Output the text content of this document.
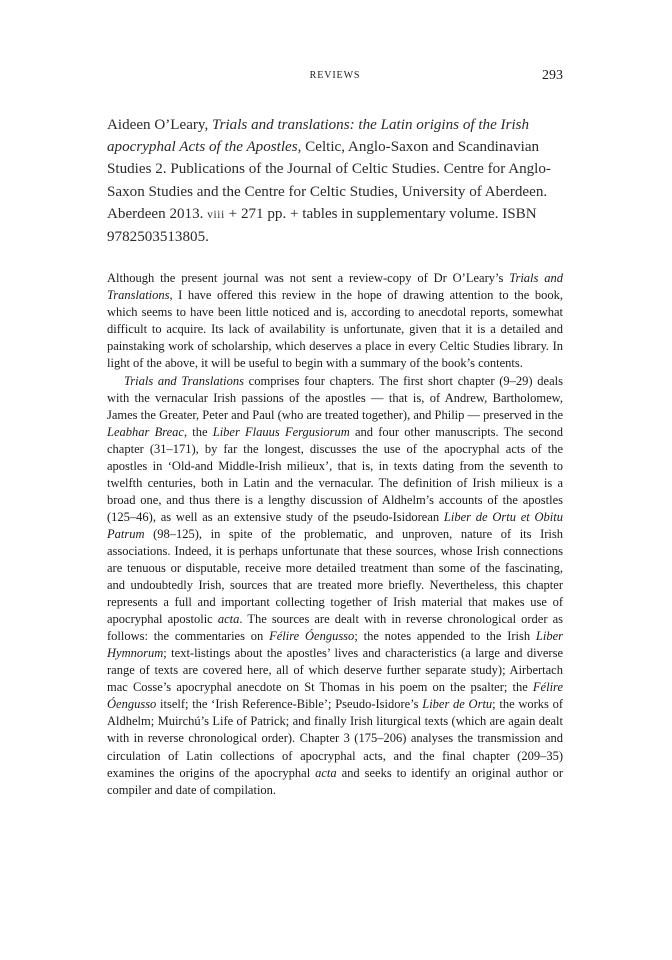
REVIEWS	293
Aideen O’Leary, Trials and translations: the Latin origins of the Irish apocryphal Acts of the Apostles, Celtic, Anglo-Saxon and Scandinavian Studies 2. Publications of the Journal of Celtic Studies. Centre for Anglo-Saxon Studies and the Centre for Celtic Studies, University of Aberdeen. Aberdeen 2013. viii + 271 pp. + tables in supplementary volume. ISBN 9782503513805.

Although the present journal was not sent a review-copy of Dr O’Leary’s Trials and Translations, I have offered this review in the hope of drawing attention to the book, which seems to have been little noticed and is, according to anecdotal reports, somewhat difficult to acquire. Its lack of availability is unfortunate, given that it is a detailed and painstaking work of scholarship, which deserves a place in every Celtic Studies library. In light of the above, it will be useful to begin with a summary of the book’s contents.

Trials and Translations comprises four chapters. The first short chapter (9–29) deals with the vernacular Irish passions of the apostles — that is, of Andrew, Bartholomew, James the Greater, Peter and Paul (who are treated together), and Philip — preserved in the Leabhar Breac, the Liber Flauus Fergusiorum and four other manuscripts. The second chapter (31–171), by far the longest, discusses the use of the apocryphal acts of the apostles in ‘Old-and Middle-Irish milieux’, that is, in texts dating from the seventh to twelfth centuries, both in Latin and the vernacular. The definition of Irish milieux is a broad one, and thus there is a lengthy discussion of Aldhelm’s accounts of the apostles (125–46), as well as an extensive study of the pseudo-Isidorean Liber de Ortu et Obitu Patrum (98–125), in spite of the problematic, and unproven, nature of its Irish associations. Indeed, it is perhaps unfortunate that these sources, whose Irish connections are tenuous or disputable, receive more detailed treatment than some of the fascinating, and undoubtedly Irish, sources that are treated more briefly. Nevertheless, this chapter represents a full and important collecting together of Irish material that makes use of apocryphal apostolic acta. The sources are dealt with in reverse chronological order as follows: the commentaries on Félire Óengusso; the notes appended to the Irish Liber Hymnorum; text-listings about the apostles’ lives and characteristics (a large and diverse range of texts are covered here, all of which deserve further separate study); Airbertach mac Cosse’s apocryphal anecdote on St Thomas in his poem on the psalter; the Félire Óengusso itself; the ‘Irish Reference-Bible’; Pseudo-Isidore’s Liber de Ortu; the works of Aldhelm; Muirchú’s Life of Patrick; and finally Irish liturgical texts (which are again dealt with in reverse chronological order). Chapter 3 (175–206) analyses the transmission and circulation of Latin collections of apocryphal acts, and the final chapter (209–35) examines the origins of the apocryphal acta and seeks to identify an original author or compiler and date of compilation.
